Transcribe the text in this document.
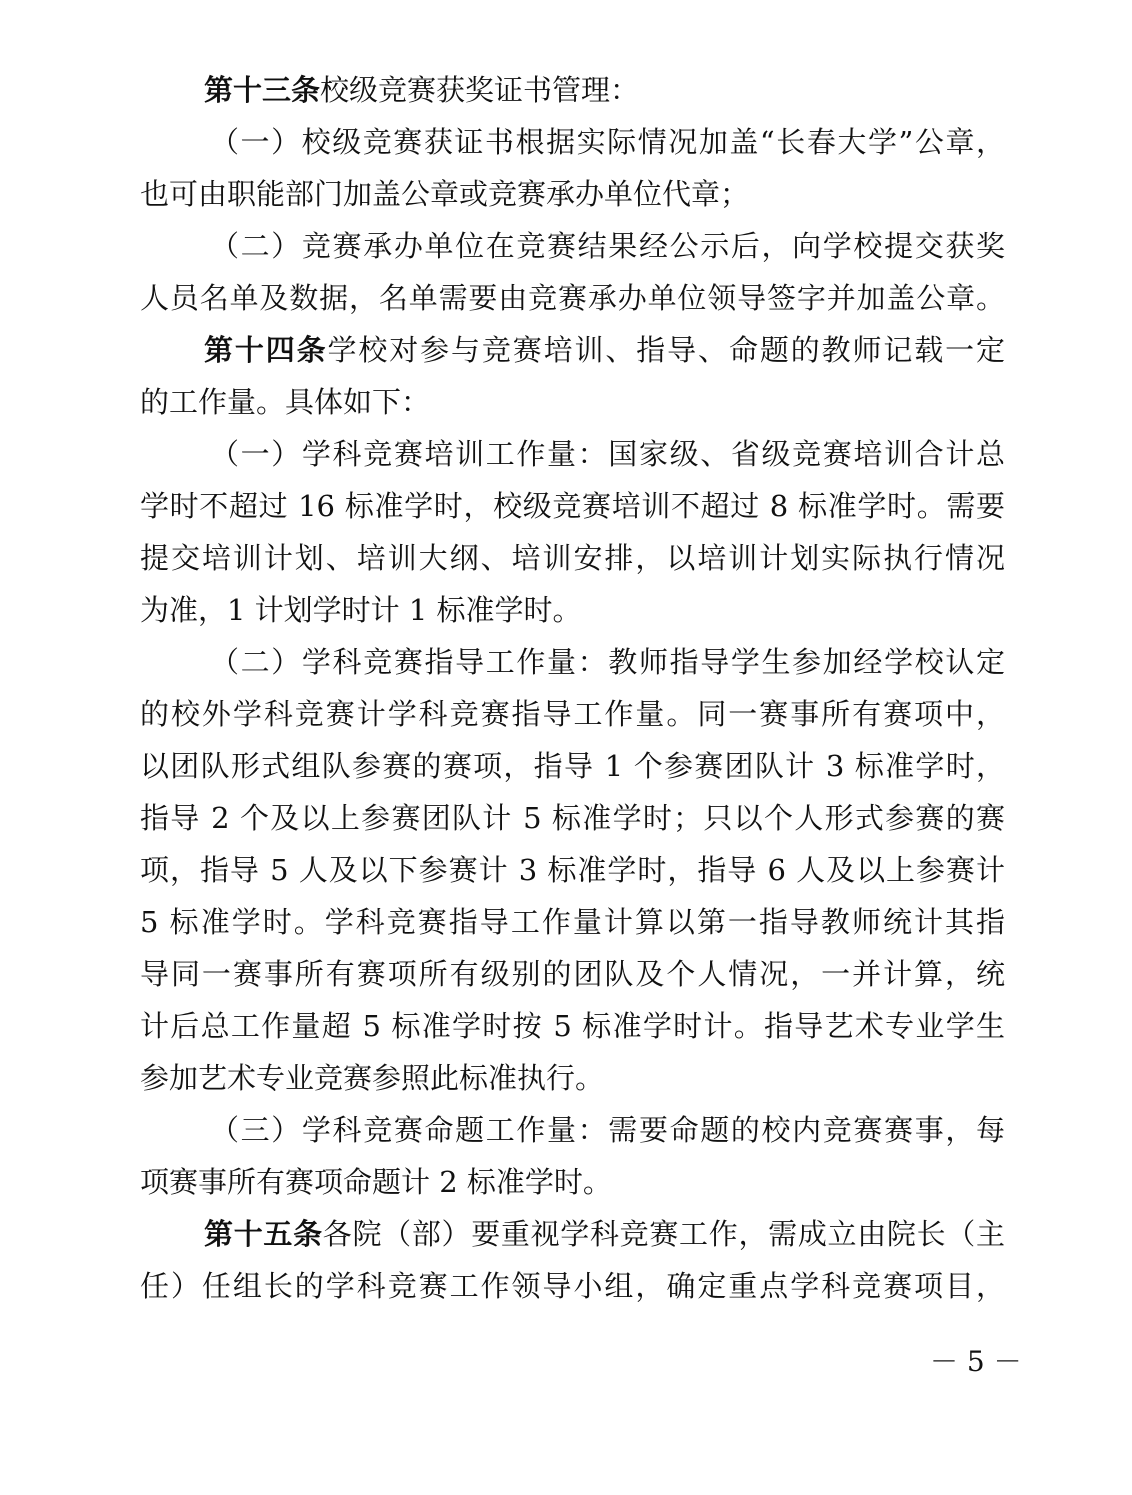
第十三条校级竞赛获奖证书管理：
（一）校级竞赛获证书根据实际情况加盖“长春大学”公章，
也可由职能部门加盖公章或竞赛承办单位代章；
（二）竞赛承办单位在竞赛结果经公示后，向学校提交获奖
人员名单及数据，名单需要由竞赛承办单位领导签字并加盖公章。
第十四条学校对参与竞赛培训、指导、命题的教师记载一定
的工作量。具体如下：
（一）学科竞赛培训工作量：国家级、省级竞赛培训合计总
学时不超过 16 标准学时，校级竞赛培训不超过 8 标准学时。需要
提交培训计划、培训大纲、培训安排，以培训计划实际执行情况
为准，1 计划学时计 1 标准学时。
（二）学科竞赛指导工作量：教师指导学生参加经学校认定
的校外学科竞赛计学科竞赛指导工作量。同一赛事所有赛项中，
以团队形式组队参赛的赛项，指导 1 个参赛团队计 3 标准学时，
指导 2 个及以上参赛团队计 5 标准学时；只以个人形式参赛的赛
项，指导 5 人及以下参赛计 3 标准学时，指导 6 人及以上参赛计
5 标准学时。学科竞赛指导工作量计算以第一指导教师统计其指
导同一赛事所有赛项所有级别的团队及个人情况，一并计算，统
计后总工作量超 5 标准学时按 5 标准学时计。指导艺术专业学生
参加艺术专业竞赛参照此标准执行。
（三）学科竞赛命题工作量：需要命题的校内竞赛赛事，每
项赛事所有赛项命题计 2 标准学时。
第十五条各院（部）要重视学科竞赛工作，需成立由院长（主
任）任组长的学科竞赛工作领导小组，确定重点学科竞赛项目，
－ 5 －
